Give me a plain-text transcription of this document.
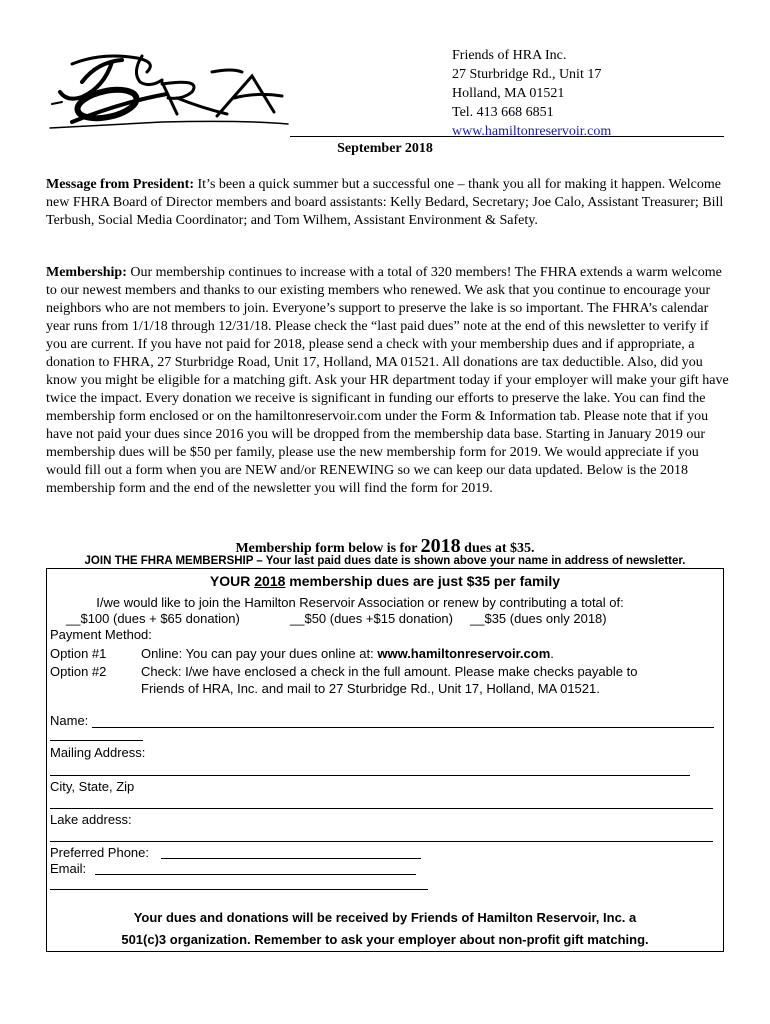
Friends of HRA Inc.
27 Sturbridge Rd., Unit 17
Holland, MA 01521
Tel. 413 668 6851
www.hamiltonreservoir.com
September 2018
Message from President: It’s been a quick summer but a successful one – thank you all for making it happen. Welcome new FHRA Board of Director members and board assistants: Kelly Bedard, Secretary; Joe Calo, Assistant Treasurer; Bill Terbush, Social Media Coordinator; and Tom Wilhem, Assistant Environment & Safety.
Membership: Our membership continues to increase with a total of 320 members! The FHRA extends a warm welcome to our newest members and thanks to our existing members who renewed. We ask that you continue to encourage your neighbors who are not members to join. Everyone’s support to preserve the lake is so important. The FHRA’s calendar year runs from 1/1/18 through 12/31/18. Please check the “last paid dues” note at the end of this newsletter to verify if you are current. If you have not paid for 2018, please send a check with your membership dues and if appropriate, a donation to FHRA, 27 Sturbridge Road, Unit 17, Holland, MA 01521. All donations are tax deductible. Also, did you know you might be eligible for a matching gift. Ask your HR department today if your employer will make your gift have twice the impact. Every donation we receive is significant in funding our efforts to preserve the lake. You can find the membership form enclosed or on the hamiltonreservoir.com under the Form & Information tab. Please note that if you have not paid your dues since 2016 you will be dropped from the membership data base. Starting in January 2019 our membership dues will be $50 per family, please use the new membership form for 2019. We would appreciate if you would fill out a form when you are NEW and/or RENEWING so we can keep our data updated. Below is the 2018 membership form and the end of the newsletter you will find the form for 2019.
Membership form below is for 2018 dues at $35.
JOIN THE FHRA MEMBERSHIP – Your last paid dues date is shown above your name in address of newsletter.
YOUR 2018 membership dues are just $35 per family
I/we would like to join the Hamilton Reservoir Association or renew by contributing a total of:
__$100 (dues + $65 donation)	__$50 (dues +$15 donation) __$35 (dues only 2018)
Payment Method:
Option #1	Online: You can pay your dues online at: www.hamiltonreservoir.com.
Option #2	Check: I/we have enclosed a check in the full amount. Please make checks payable to
Friends of HRA, Inc. and mail to 27 Sturbridge Rd., Unit 17, Holland, MA 01521.
Name:
Mailing Address:
City, State, Zip
Lake address:
Preferred Phone:
Email:
Your dues and donations will be received by Friends of Hamilton Reservoir, Inc. a
501(c)3 organization. Remember to ask your employer about non-profit gift matching.
